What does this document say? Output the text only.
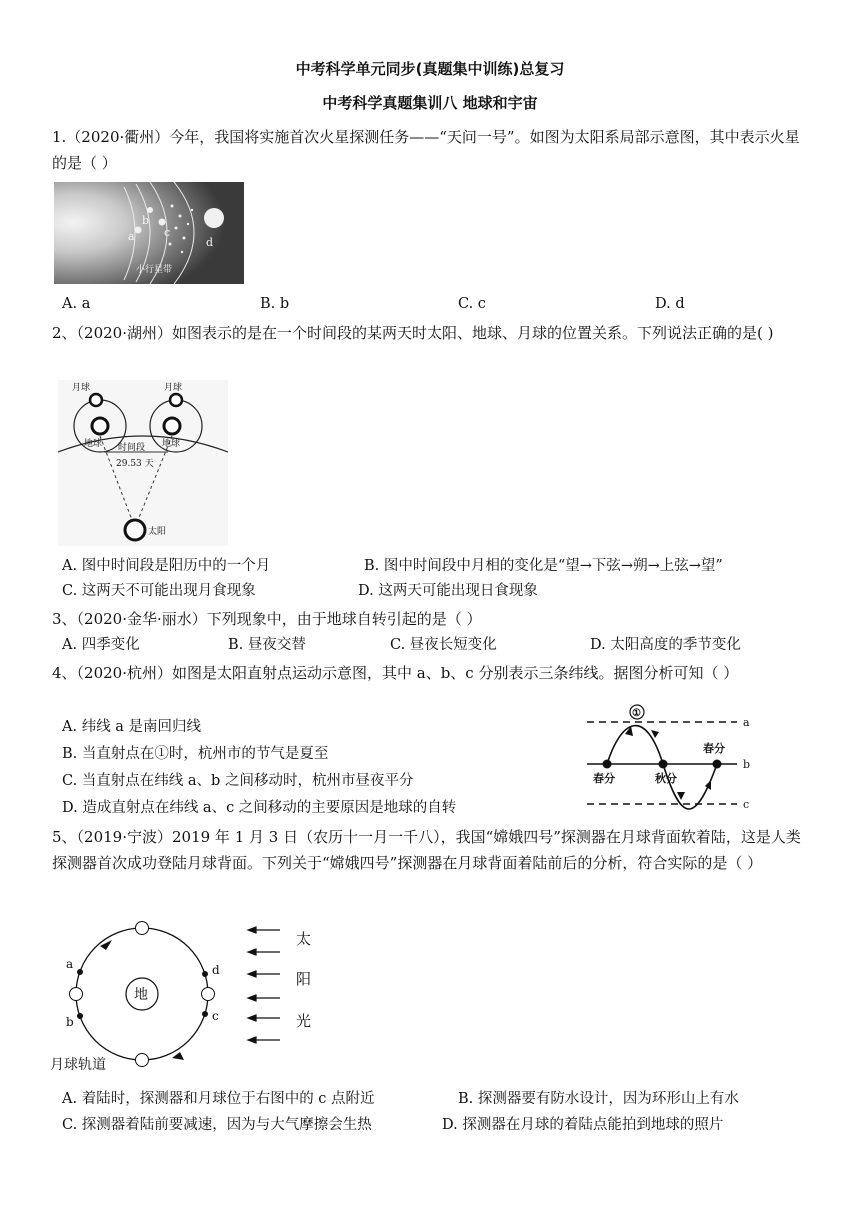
中考科学单元同步(真题集中训练)总复习
中考科学真题集训八 地球和宇宙
1.（2020·衢州）今年，我国将实施首次火星探测任务——“天问一号”。如图为太阳系局部示意图，其中表示火星的是（ ）
a
b
c
d
小行星带
A. a	B. b	C. c	D. d
2、（2020·湖州）如图表示的是在一个时间段的某两天时太阳、地球、月球的位置关系。下列说法正确的是( )
月球	月球
地球	地球
时间段
29.53 天
太阳
A. 图中时间段是阳历中的一个月	B. 图中时间段中月相的变化是“望→下弦→朔→上弦→望”
C. 这两天不可能出现月食现象	D. 这两天可能出现日食现象
3、（2020·金华·丽水）下列现象中，由于地球自转引起的是（ ）
A. 四季变化	B. 昼夜交替	C. 昼夜长短变化	D. 太阳高度的季节变化
4、（2020·杭州）如图是太阳直射点运动示意图，其中 a、b、c 分别表示三条纬线。据图分析可知（ ）
A. 纬线 a 是南回归线
B. 当直射点在①时，杭州市的节气是夏至
C. 当直射点在纬线 a、b 之间移动时，杭州市昼夜平分
D. 造成直射点在纬线 a、c 之间移动的主要原因是地球的自转
①
春分	秋分
春分
a
b
c
5、（2019·宁波）2019 年 1 月 3 日（农历十一月一千八），我国“嫦娥四号”探测器在月球背面软着陆，这是人类探测器首次成功登陆月球背面。下列关于“嫦娥四号”探测器在月球背面着陆前后的分析，符合实际的是（ ）
地
a
b	c
d
太
阳
光
月球轨道
A. 着陆时，探测器和月球位于右图中的 c 点附近	B. 探测器要有防水设计，因为环形山上有水
C. 探测器着陆前要减速，因为与大气摩擦会生热	D. 探测器在月球的着陆点能拍到地球的照片
